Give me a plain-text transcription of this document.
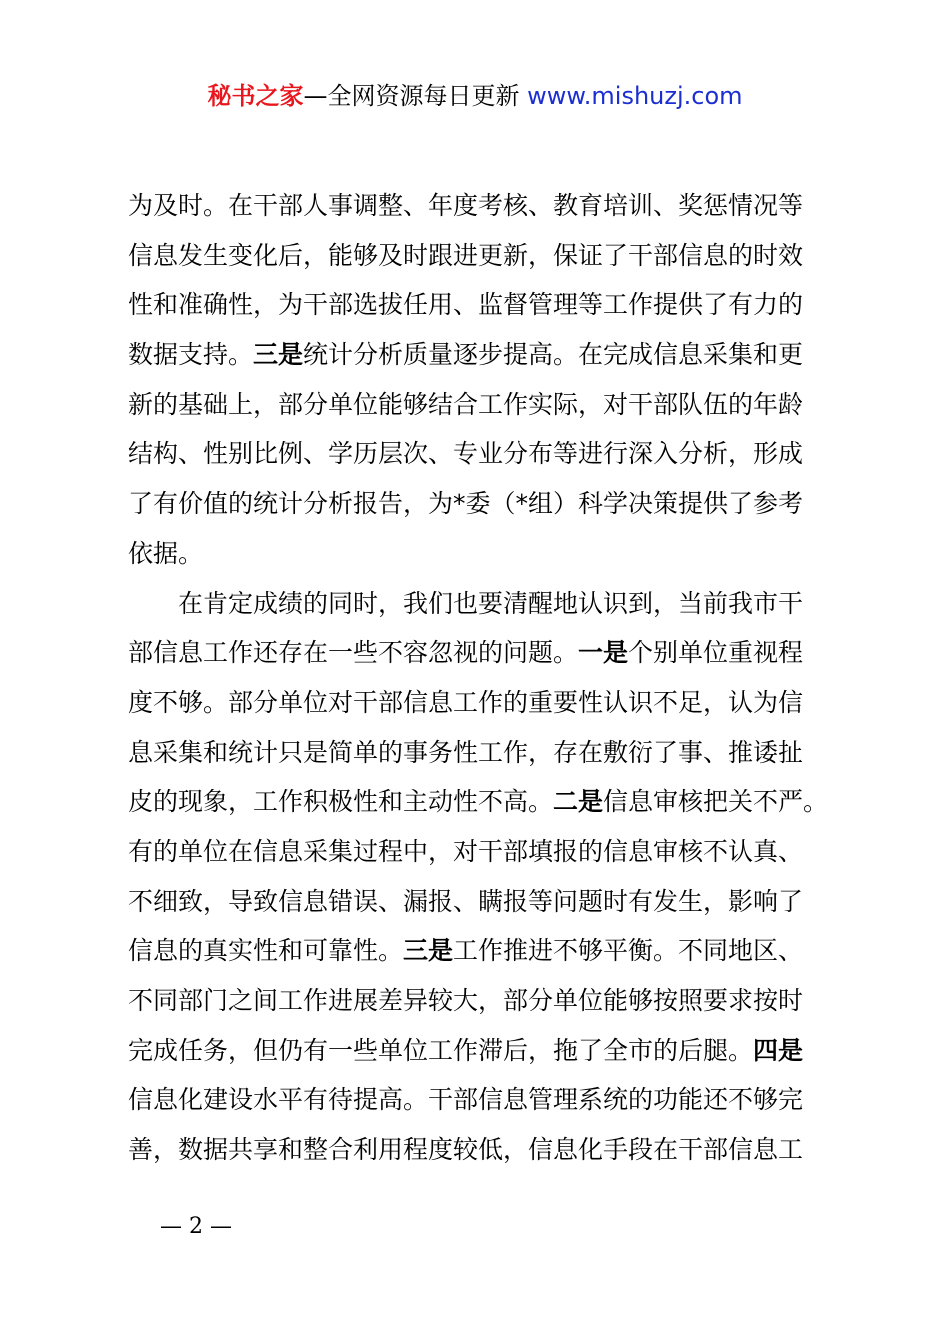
秘书之家—全网资源每日更新 www.mishuzj.com
为及时。在干部人事调整、年度考核、教育培训、奖惩情况等
信息发生变化后，能够及时跟进更新，保证了干部信息的时效
性和准确性，为干部选拔任用、监督管理等工作提供了有力的
数据支持。三是统计分析质量逐步提高。在完成信息采集和更
新的基础上，部分单位能够结合工作实际，对干部队伍的年龄
结构、性别比例、学历层次、专业分布等进行深入分析，形成
了有价值的统计分析报告，为*委（*组）科学决策提供了参考
依据。
在肯定成绩的同时，我们也要清醒地认识到，当前我市干
部信息工作还存在一些不容忽视的问题。一是个别单位重视程
度不够。部分单位对干部信息工作的重要性认识不足，认为信
息采集和统计只是简单的事务性工作，存在敷衍了事、推诿扯
皮的现象，工作积极性和主动性不高。二是信息审核把关不严。
有的单位在信息采集过程中，对干部填报的信息审核不认真、
不细致，导致信息错误、漏报、瞒报等问题时有发生，影响了
信息的真实性和可靠性。三是工作推进不够平衡。不同地区、
不同部门之间工作进展差异较大，部分单位能够按照要求按时
完成任务，但仍有一些单位工作滞后，拖了全市的后腿。四是
信息化建设水平有待提高。干部信息管理系统的功能还不够完
善，数据共享和整合利用程度较低，信息化手段在干部信息工
— 2 —
